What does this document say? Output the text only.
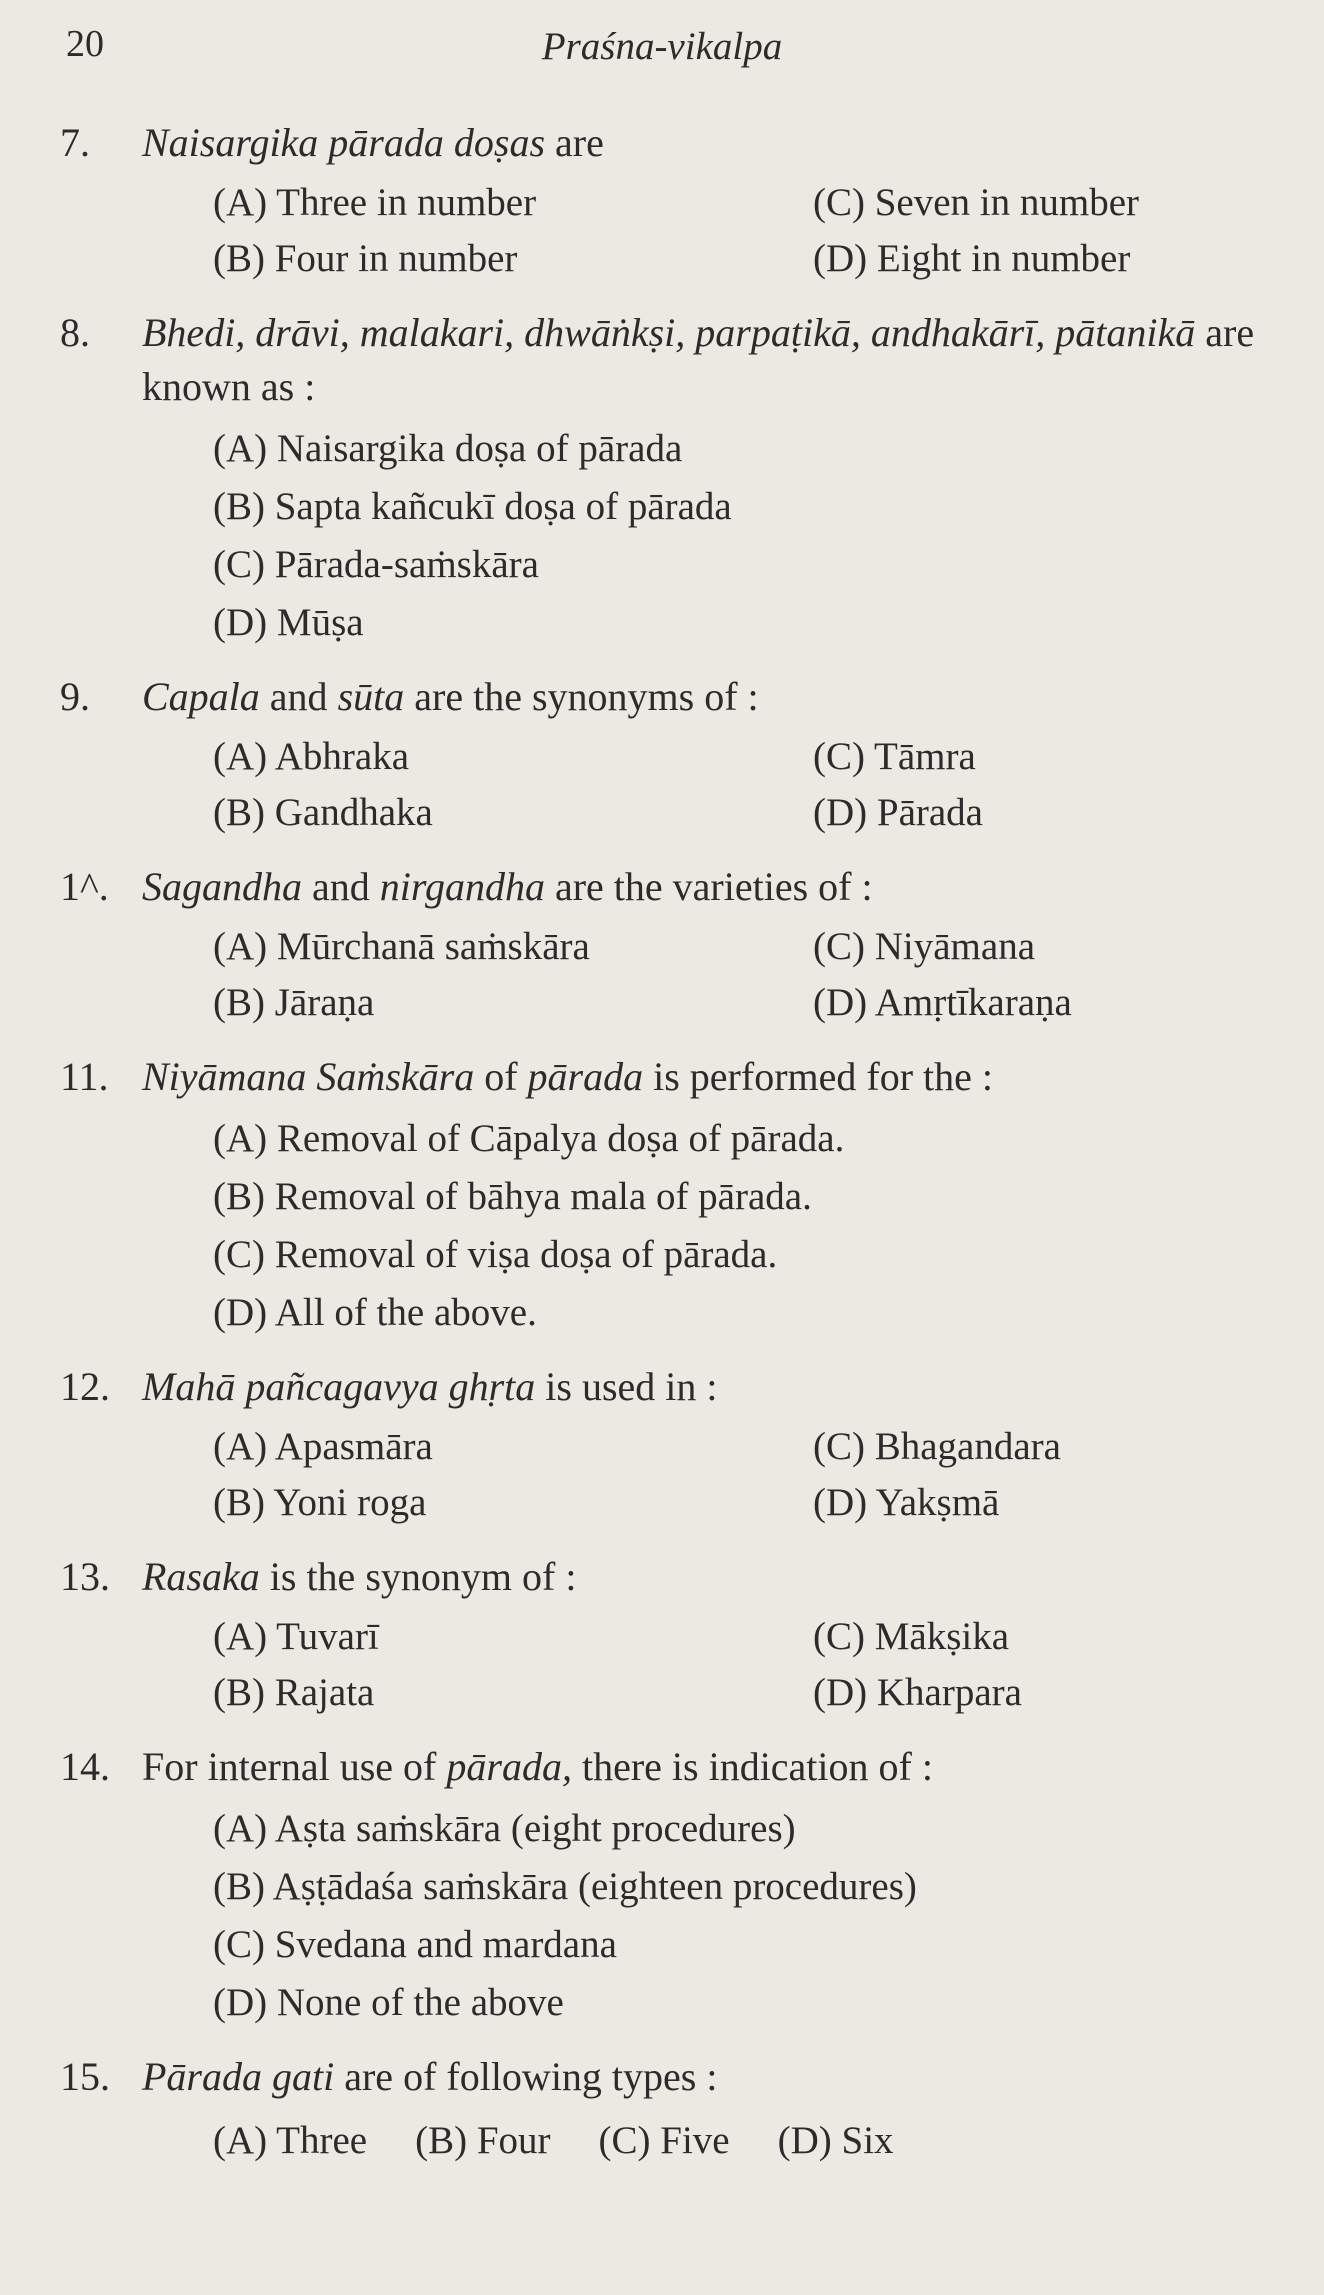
20	Praśna-vikalpa
7.	Naisargika pārada doṣas are
(A) Three in number	(C) Seven in number
(B) Four in number	(D) Eight in number
8.	Bhedi, drāvi, malakari, dhwāṅkṣi, parpaṭikā, andhakārī, pātanikā are known as :
(A) Naisargika doṣa of pārada
(B) Sapta kañcukī doṣa of pārada
(C) Pārada-saṁskāra
(D) Mūṣa
9.	Capala and sūta are the synonyms of :
(A) Abhraka	(C) Tāmra
(B) Gandhaka	(D) Pārada
1^. Sagandha and nirgandha are the varieties of :
(A) Mūrchanā saṁskāra	(C) Niyāmana
(B) Jāraṇa	(D) Amṛtīkaraṇa
11. Niyāmana Saṁskāra of pārada is performed for the :
(A) Removal of Cāpalya doṣa of pārada.
(B) Removal of bāhya mala of pārada.
(C) Removal of viṣa doṣa of pārada.
(D) All of the above.
12. Mahā pañcagavya ghṛta is used in :
(A) Apasmāra	(C) Bhagandara
(B) Yoni roga	(D) Yakṣmā
13. Rasaka is the synonym of :
(A) Tuvarī	(C) Mākṣika
(B) Rajata	(D) Kharpara
14. For internal use of pārada, there is indication of :
(A) Aṣta saṁskāra (eight procedures)
(B) Aṣṭādaśa saṁskāra (eighteen procedures)
(C) Svedana and mardana
(D) None of the above
15. Pārada gati are of following types :
(A) Three (B) Four (C) Five (D) Six
